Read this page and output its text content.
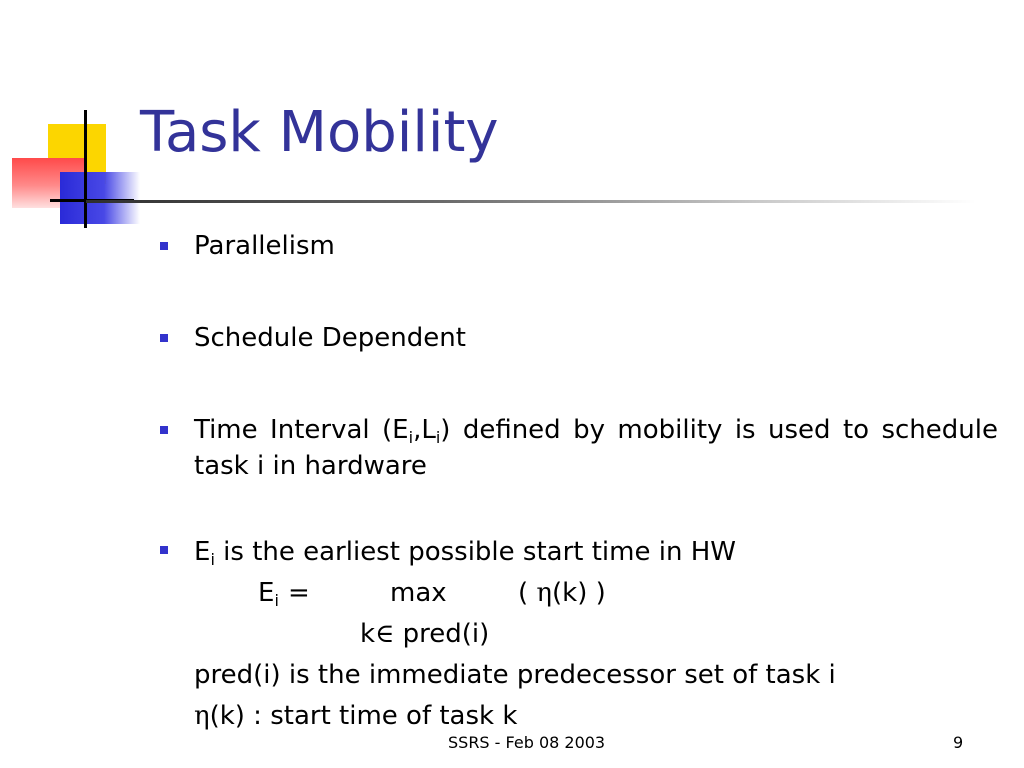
Task Mobility
Parallelism
Schedule Dependent
Time Interval $(E_i,L_i)$ defined by mobility is used to schedule task i in hardware
$E_i$ is the earliest possible start time in HW
$E_i$ =	max	( η(k) )
k∈ pred(i)
pred(i) is the immediate predecessor set of task i
η(k) : start time of task k
SSRS - Feb 08 2003	9
